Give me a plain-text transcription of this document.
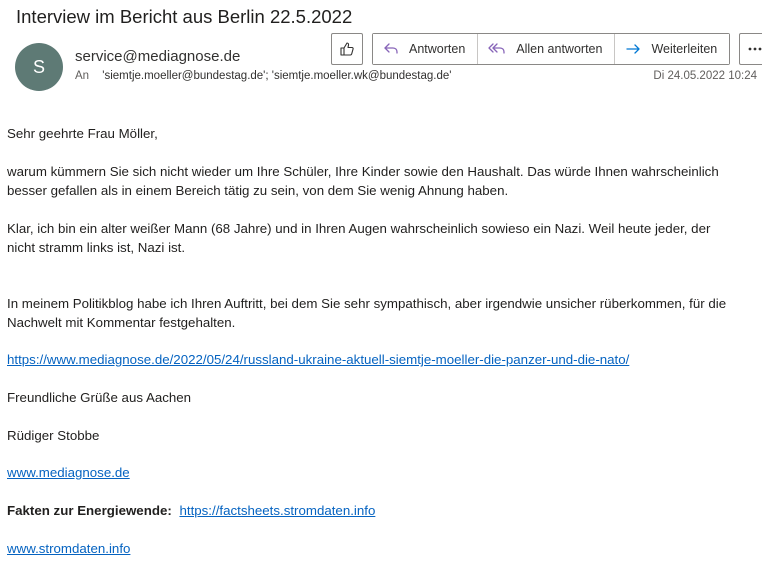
Interview im Bericht aus Berlin 22.5.2022
S service@mediagnose.de
An 'siemtje.moeller@bundestag.de'; 'siemtje.moeller.wk@bundestag.de'	Di 24.05.2022 10:24
Antworten	Allen antworten	Weiterleiten

Sehr geehrte Frau Möller,

warum kümmern Sie sich nicht wieder um Ihre Schüler, Ihre Kinder sowie den Haushalt. Das würde Ihnen wahrscheinlich

besser gefallen als in einem Bereich tätig zu sein, von dem Sie wenig Ahnung haben.

Klar, ich bin ein alter weißer Mann (68 Jahre) und in Ihren Augen wahrscheinlich sowieso ein Nazi. Weil heute jeder, der

nicht stramm links ist, Nazi ist.

In meinem Politikblog habe ich Ihren Auftritt, bei dem Sie sehr sympathisch, aber irgendwie unsicher rüberkommen, für die

Nachwelt mit Kommentar festgehalten.

https://www.mediagnose.de/2022/05/24/russland-ukraine-aktuell-siemtje-moeller-die-panzer-und-die-nato/

Freundliche Grüße aus Aachen

Rüdiger Stobbe

www.mediagnose.de

Fakten zur Energiewende: https://factsheets.stromdaten.info

www.stromdaten.info
